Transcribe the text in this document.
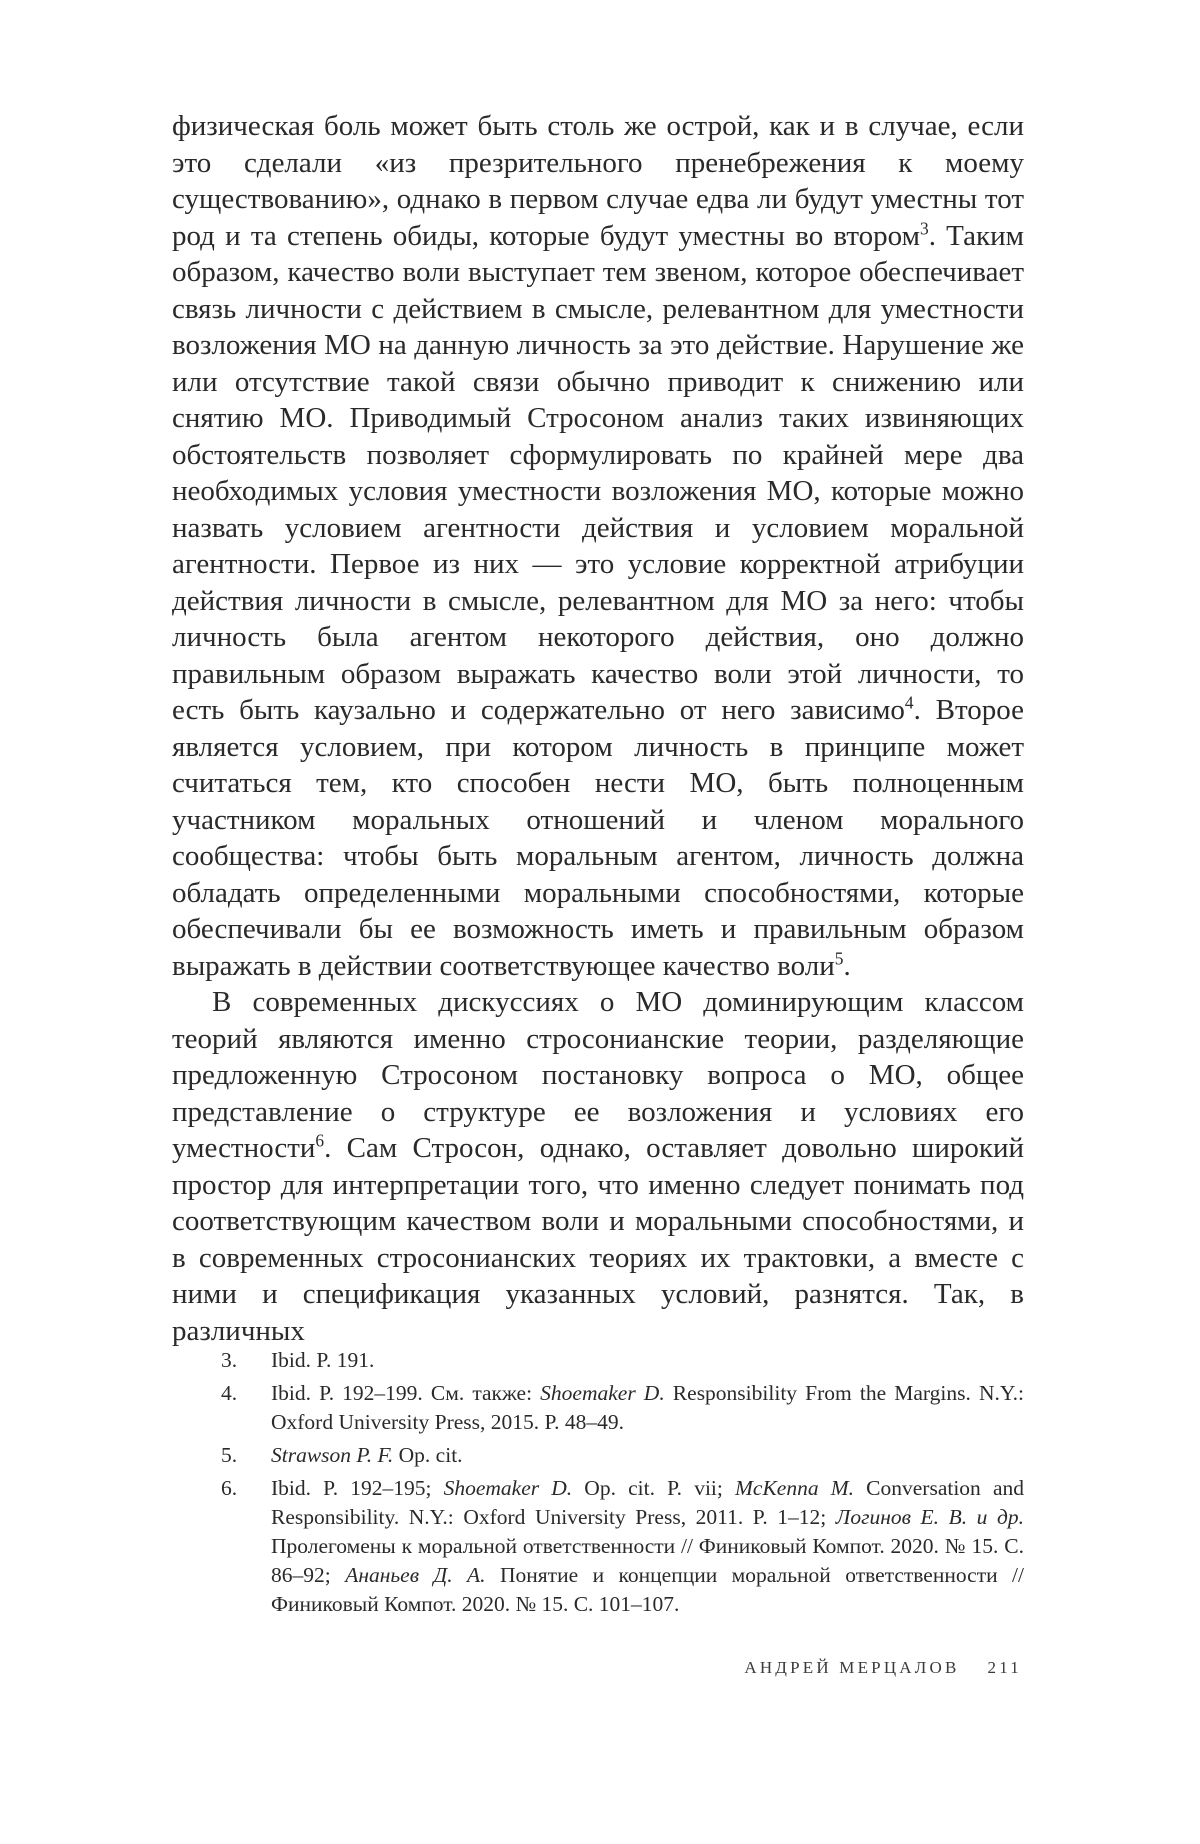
физическая боль может быть столь же острой, как и в случае, если это сделали «из презрительного пренебрежения к моему существованию», однако в первом случае едва ли будут уместны тот род и та степень обиды, которые будут уместны во втором$^3$. Таким образом, качество воли выступает тем звеном, которое обеспечивает связь личности с действием в смысле, релевантном для уместности возложения МО на данную личность за это действие. Нарушение же или отсутствие такой связи обычно приводит к снижению или снятию МО. Приводимый Стросоном анализ таких извиняющих обстоятельств позволяет сформулировать по крайней мере два необходимых условия уместности возложения МО, которые можно назвать условием агентности действия и условием моральной агентности. Первое из них — это условие корректной атрибуции действия личности в смысле, релевантном для МО за него: чтобы личность была агентом некоторого действия, оно должно правильным образом выражать качество воли этой личности, то есть быть каузально и содержательно от него зависимо$^4$. Второе является условием, при котором личность в принципе может считаться тем, кто способен нести МО, быть полноценным участником моральных отношений и членом морального сообщества: чтобы быть моральным агентом, личность должна обладать определенными моральными способностями, которые обеспечивали бы ее возможность иметь и правильным образом выражать в действии соответствующее качество воли$^5$.

В современных дискуссиях о МО доминирующим классом теорий являются именно стросонианские теории, разделяющие предложенную Стросоном постановку вопроса о МО, общее представление о структуре ее возложения и условиях его уместности$^6$. Сам Стросон, однако, оставляет довольно широкий простор для интерпретации того, что именно следует понимать под соответствующим качеством воли и моральными способностями, и в современных стросонианских теориях их трактовки, а вместе с ними и спецификация указанных условий, разнятся. Так, в различных

3.	Ibid. P. 191.
4.	Ibid. P. 192–199. См. также: Shoemaker D. Responsibility From the Margins. N.Y.: Oxford University Press, 2015. P. 48–49.
5.	Strawson P. F. Op. cit.
6.	Ibid. P. 192–195; Shoemaker D. Op. cit. P. vii; McKenna M. Conversation and Responsibility. N.Y.: Oxford University Press, 2011. P. 1–12; Логинов Е. В. и др. Пролегомены к моральной ответственности // Финиковый Компот. 2020. № 15. С. 86–92; Ананьев Д. А. Понятие и концепции моральной ответственности // Финиковый Компот. 2020. № 15. С. 101–107.
АНДРЕЙ МЕРЦАЛОВ 211
